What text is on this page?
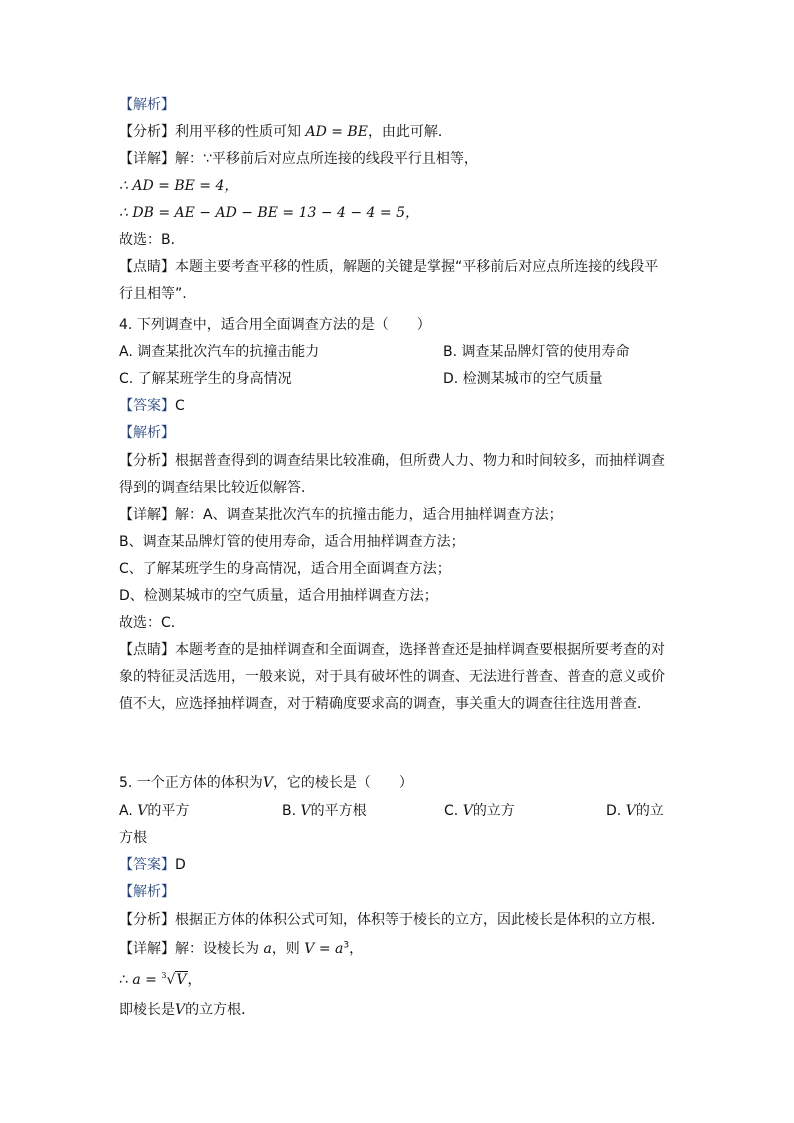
【解析】
【分析】利用平移的性质可知 AD = BE，由此可解．
【详解】解：∵平移前后对应点所连接的线段平行且相等，
∴ AD = BE = 4，
∴ DB = AE − AD − BE = 13 − 4 − 4 = 5，
故选：B．
【点睛】本题主要考查平移的性质，解题的关键是掌握“平移前后对应点所连接的线段平
行且相等”.
4. 下列调查中，适合用全面调查方法的是（　　）
A. 调查某批次汽车的抗撞击能力	B. 调查某品牌灯管的使用寿命
C. 了解某班学生的身高情况	D. 检测某城市的空气质量
【答案】C
【解析】
【分析】根据普查得到的调查结果比较准确，但所费人力、物力和时间较多，而抽样调查
得到的调查结果比较近似解答．
【详解】解：A、调查某批次汽车的抗撞击能力，适合用抽样调查方法；
B、调查某品牌灯管的使用寿命，适合用抽样调查方法；
C、了解某班学生的身高情况，适合用全面调查方法；
D、检测某城市的空气质量，适合用抽样调查方法；
故选：C．
【点睛】本题考查的是抽样调查和全面调查，选择普查还是抽样调查要根据所要考查的对
象的特征灵活选用，一般来说，对于具有破坏性的调查、无法进行普查、普查的意义或价
值不大，应选择抽样调查，对于精确度要求高的调查，事关重大的调查往往选用普查．
5. 一个正方体的体积为V，它的棱长是（　　）
A. V的平方	B. V的平方根	C. V的立方	D. V的立
方根
【答案】D
【解析】
【分析】根据正方体的体积公式可知，体积等于棱长的立方，因此棱长是体积的立方根．
【详解】解：设棱长为 a，则 $V = a^3$，
∴ a = $^3$√V，
即棱长是V的立方根．
